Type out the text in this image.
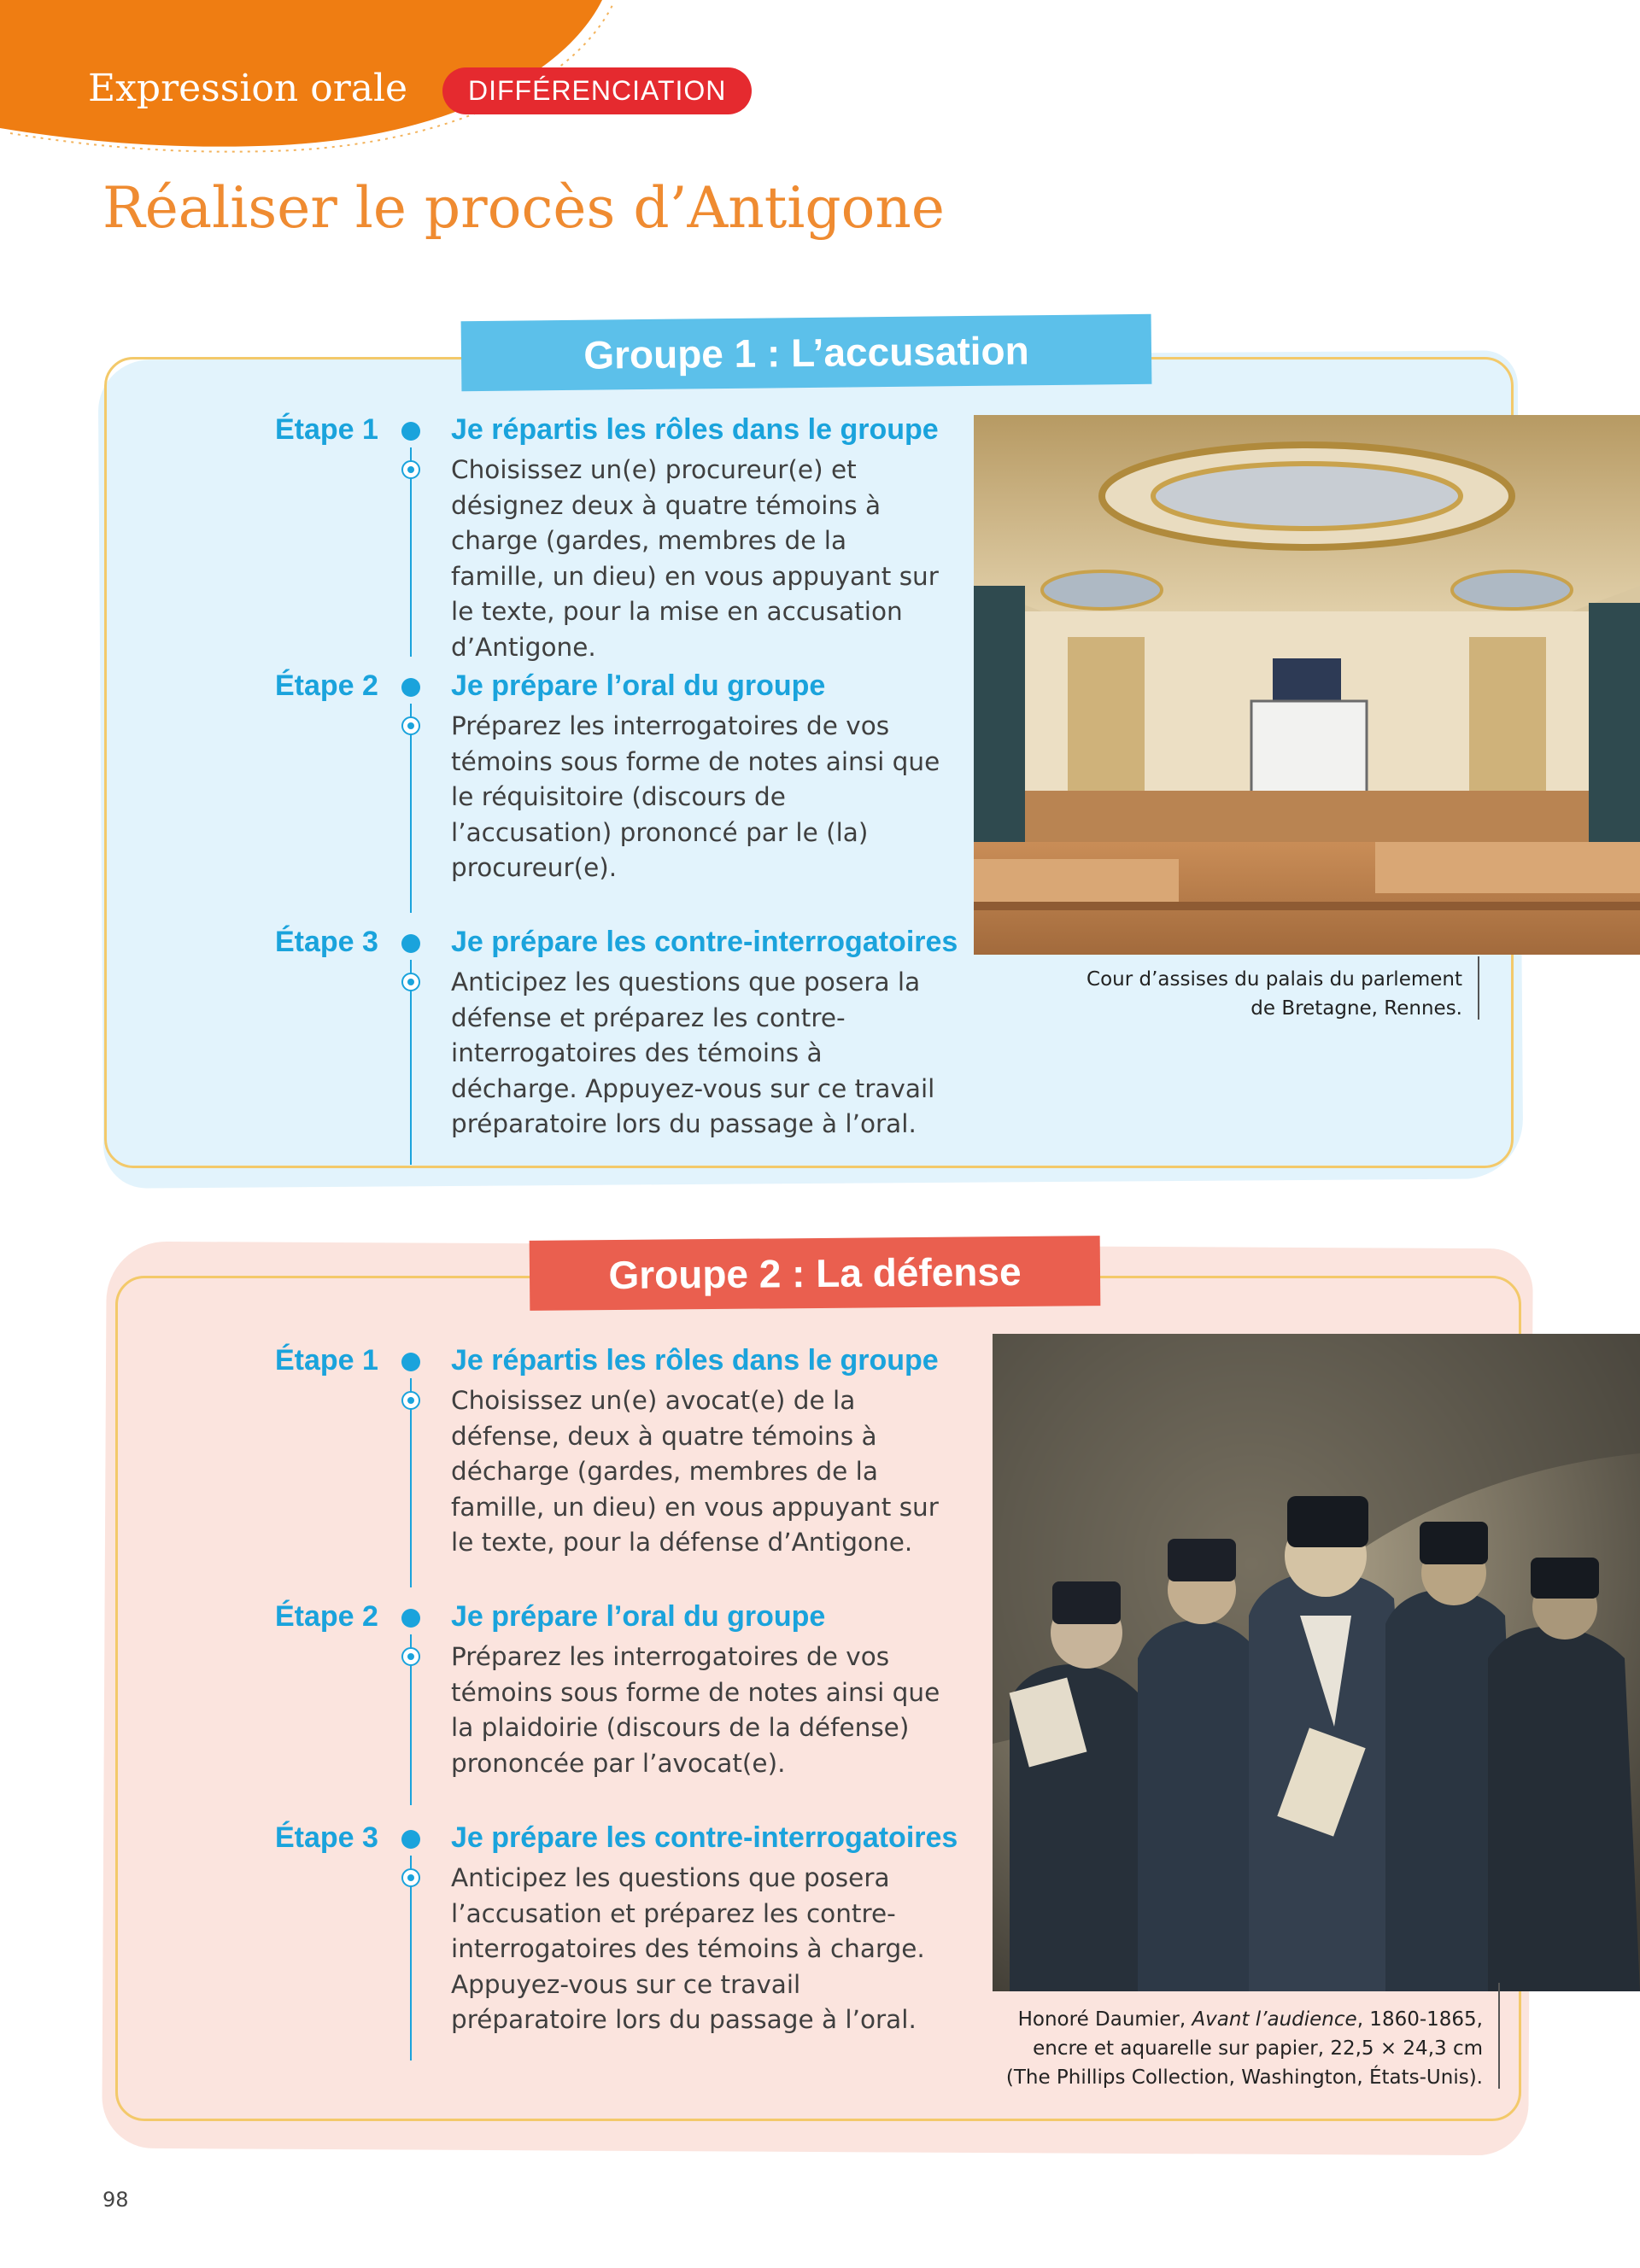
Expression orale	DIFFÉRENCIATION
Réaliser le procès d’Antigone
Groupe 1 : L’accusation
Étape 1	Je répartis les rôles dans le groupe

Choisissez un(e) procureur(e) et désignez deux à quatre témoins à charge (gardes, membres de la famille, un dieu) en vous appuyant sur le texte, pour la mise en accusation d’Antigone.

Étape 2	Je prépare l’oral du groupe

Préparez les interrogatoires de vos témoins sous forme de notes ainsi que le réquisitoire (discours de l’accusation) prononcé par le (la) procureur(e).

Étape 3	Je prépare les contre-interrogatoires

Anticipez les questions que posera la défense et préparez les contre-interrogatoires des témoins à décharge. Appuyez-vous sur ce travail préparatoire lors du passage à l’oral.

Cour d’assises du palais du parlement
de Bretagne, Rennes.
Groupe 2 : La défense
Étape 1	Je répartis les rôles dans le groupe

Choisissez un(e) avocat(e) de la défense, deux à quatre témoins à décharge (gardes, membres de la famille, un dieu) en vous appuyant sur le texte, pour la défense d’Antigone.

Étape 2	Je prépare l’oral du groupe

Préparez les interrogatoires de vos témoins sous forme de notes ainsi que la plaidoirie (discours de la défense) prononcée par l’avocat(e).

Étape 3	Je prépare les contre-interrogatoires

Anticipez les questions que posera l’accusation et préparez les contre-interrogatoires des témoins à charge. Appuyez-vous sur ce travail préparatoire lors du passage à l’oral.	Honoré Daumier, Avant l’audience, 1860-1865,
encre et aquarelle sur papier, 22,5 × 24,3 cm
(The Phillips Collection, Washington, États-Unis).
98
